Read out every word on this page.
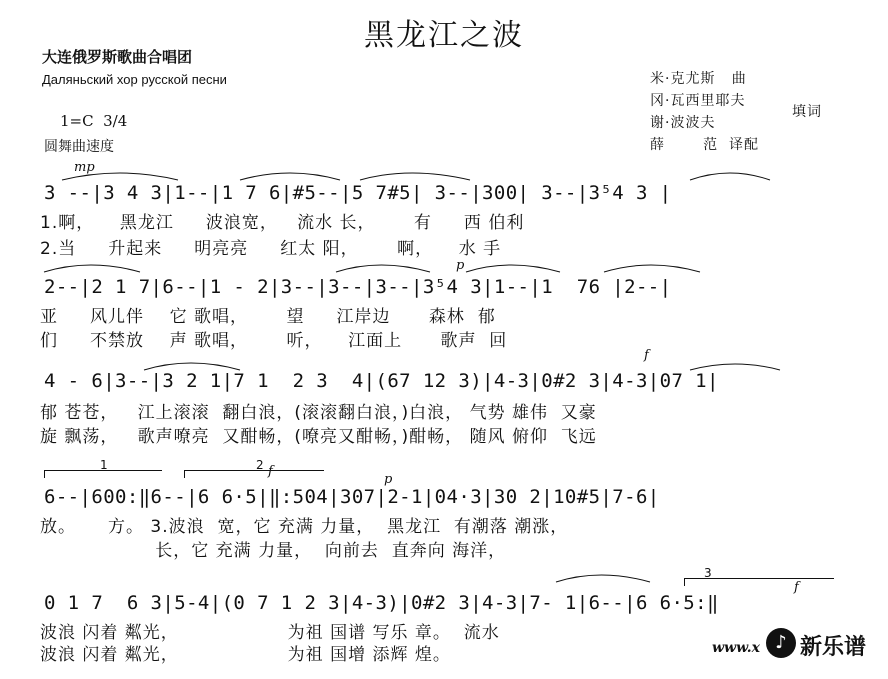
黑龙江之波
大连俄罗斯歌曲合唱团
Даляньский хор русской песни
1=C  3/4
圆舞曲速度
米·克尤斯   曲
冈·瓦西里耶夫
谢·波波夫
填词
薛       范  译配
mp
p
f
f
p
f
1	2
3
3 --|3 4 3|1--|1 7 6|#5--|5 7#5| 3--|300| 3--|3⁵4 3 |
1.啊，    黑龙江     波浪宽，   流水 长，      有     西 伯利
2.当     升起来     明亮亮     红太 阳，      啊，    水 手
2--|2 1 7|6--|1 - 2|3--|3--|3--|3⁵4 3|1--|1  76 |2--|
亚     风儿伴    它 歌唱，      望     江岸边      森林  郁
们     不禁放    声 歌唱，      听，    江面上      歌声  回
4 - 6|3--|3 2 1|7 1  2 3  4|(67 12 3)|4-3|0#2 3|4-3|07 1|
郁 苍苍，   江上滚滚  翻白浪，(滚滚翻白浪，)白浪， 气势 雄伟  又豪
旋 飘荡，   歌声嘹亮  又酣畅，(嘹亮又酣畅，)酣畅， 随风 俯仰  飞远
6--|600:‖6--|6 6·5|‖:504|307|2-1|04·3|30 2|10#5|7-6|
放。     方。 3.波浪  宽，它 充满 力量，  黑龙江  有潮落 潮涨，
长，它 充满 力量，  向前去  直奔向 海洋，
0 1 7  6 3|5-4|(0 7 1 2 3|4-3)|0#2 3|4-3|7- 1|6--|6 6·5:‖
波浪 闪着 粼光，                 为祖 国谱 写乐 章。  流水
波浪 闪着 粼光，                 为祖 国增 添辉 煌。	www.x

♪

新乐谱
